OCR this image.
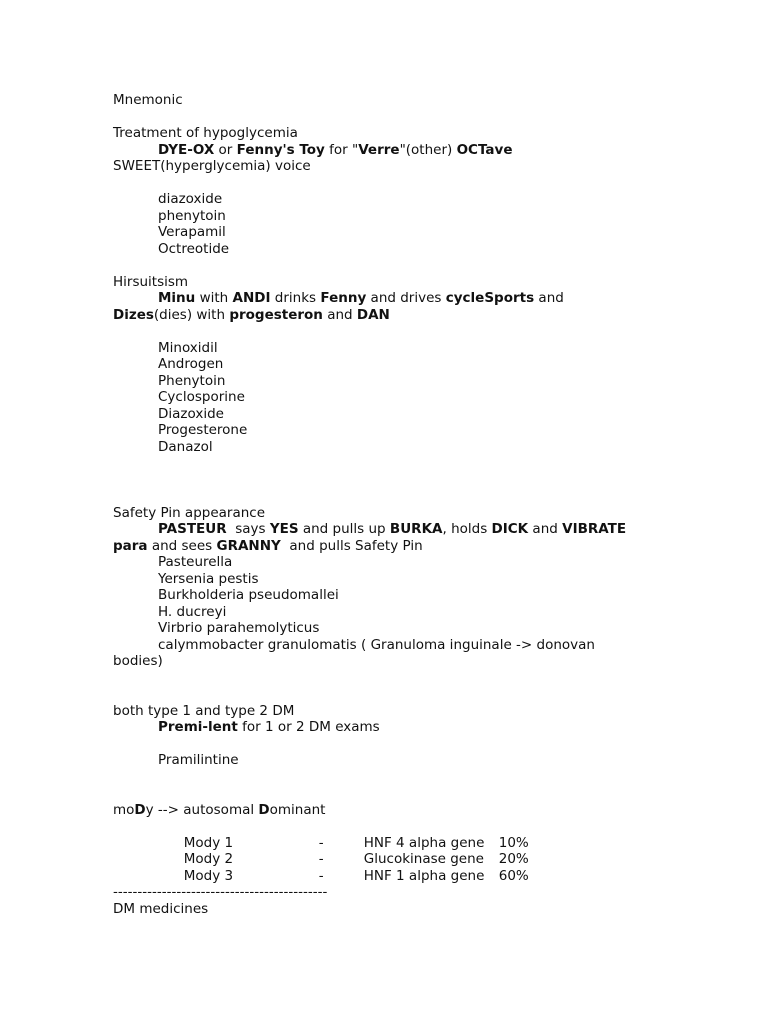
Mnemonic
Treatment of hypoglycemia
DYE-OX or Fenny's Toy for "Verre"(other) OCTave
SWEET(hyperglycemia) voice
diazoxide
phenytoin
Verapamil
Octreotide
Hirsuitsism
Minu with ANDI drinks Fenny and drives cycleSports and
Dizes(dies) with progesteron and DAN
Minoxidil
Androgen
Phenytoin
Cyclosporine
Diazoxide
Progesterone
Danazol
Safety Pin appearance
PASTEUR  says YES and pulls up BURKA, holds DICK and VIBRATE
para and sees GRANNY  and pulls Safety Pin
Pasteurella
Yersenia pestis
Burkholderia pseudomallei
H. ducreyi
Virbrio parahemolyticus
calymmobacter granulomatis ( Granuloma inguinale -> donovan
bodies)
both type 1 and type 2 DM
Premi-lent for 1 or 2 DM exams
Pramilintine
moDy --> autosomal Dominant

Mody 1	-	HNF 4 alpha gene 10%

Mody 2	-	Glucokinase gene 20%

Mody 3	-	HNF 1 alpha gene 60%

--------------------------------------------
DM medicines
